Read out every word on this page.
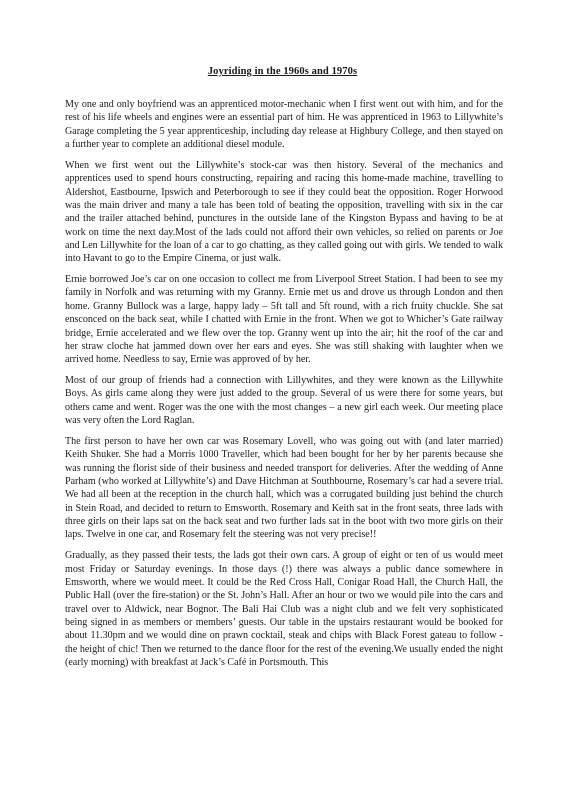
Joyriding in the 1960s and 1970s

My one and only boyfriend was an apprenticed motor-mechanic when I first went out with him, and for the rest of his life wheels and engines were an essential part of him. He was apprenticed in 1963 to Lillywhite’s Garage completing the 5 year apprenticeship, including day release at Highbury College, and then stayed on a further year to complete an additional diesel module.

When we first went out the Lillywhite’s stock-car was then history. Several of the mechanics and apprentices used to spend hours constructing, repairing and racing this home-made machine, travelling to Aldershot, Eastbourne, Ipswich and Peterborough to see if they could beat the opposition. Roger Horwood was the main driver and many a tale has been told of beating the opposition, travelling with six in the car and the trailer attached behind, punctures in the outside lane of the Kingston Bypass and having to be at work on time the next day.Most of the lads could not afford their own vehicles, so relied on parents or Joe and Len Lillywhite for the loan of a car to go chatting, as they called going out with girls. We tended to walk into Havant to go to the Empire Cinema, or just walk.

Ernie borrowed Joe’s car on one occasion to collect me from Liverpool Street Station. I had been to see my family in Norfolk and was returning with my Granny. Ernie met us and drove us through London and then home. Granny Bullock was a large, happy lady – 5ft tall and 5ft round, with a rich fruity chuckle. She sat ensconced on the back seat, while I chatted with Ernie in the front. When we got to Whicher’s Gate railway bridge, Ernie accelerated and we flew over the top. Granny went up into the air; hit the roof of the car and her straw cloche hat jammed down over her ears and eyes. She was still shaking with laughter when we arrived home. Needless to say, Ernie was approved of by her.

Most of our group of friends had a connection with Lillywhites, and they were known as the Lillywhite Boys. As girls came along they were just added to the group. Several of us were there for some years, but others came and went. Roger was the one with the most changes – a new girl each week. Our meeting place was very often the Lord Raglan.

The first person to have her own car was Rosemary Lovell, who was going out with (and later married) Keith Shuker. She had a Morris 1000 Traveller, which had been bought for her by her parents because she was running the florist side of their business and needed transport for deliveries. After the wedding of Anne Parham (who worked at Lillywhite’s) and Dave Hitchman at Southbourne, Rosemary’s car had a severe trial. We had all been at the reception in the church hall, which was a corrugated building just behind the church in Stein Road, and decided to return to Emsworth. Rosemary and Keith sat in the front seats, three lads with three girls on their laps sat on the back seat and two further lads sat in the boot with two more girls on their laps. Twelve in one car, and Rosemary felt the steering was not very precise!!

Gradually, as they passed their tests, the lads got their own cars. A group of eight or ten of us would meet most Friday or Saturday evenings. In those days (!) there was always a public dance somewhere in Emsworth, where we would meet. It could be the Red Cross Hall, Conigar Road Hall, the Church Hall, the Public Hall (over the fire-station) or the St. John’s Hall. After an hour or two we would pile into the cars and travel over to Aldwick, near Bognor. The Bali Hai Club was a night club and we felt very sophisticated being signed in as members or members’ guests. Our table in the upstairs restaurant would be booked for about 11.30pm and we would dine on prawn cocktail, steak and chips with Black Forest gateau to follow - the height of chic! Then we returned to the dance floor for the rest of the evening.We usually ended the night (early morning) with breakfast at Jack’s Café in Portsmouth. This
